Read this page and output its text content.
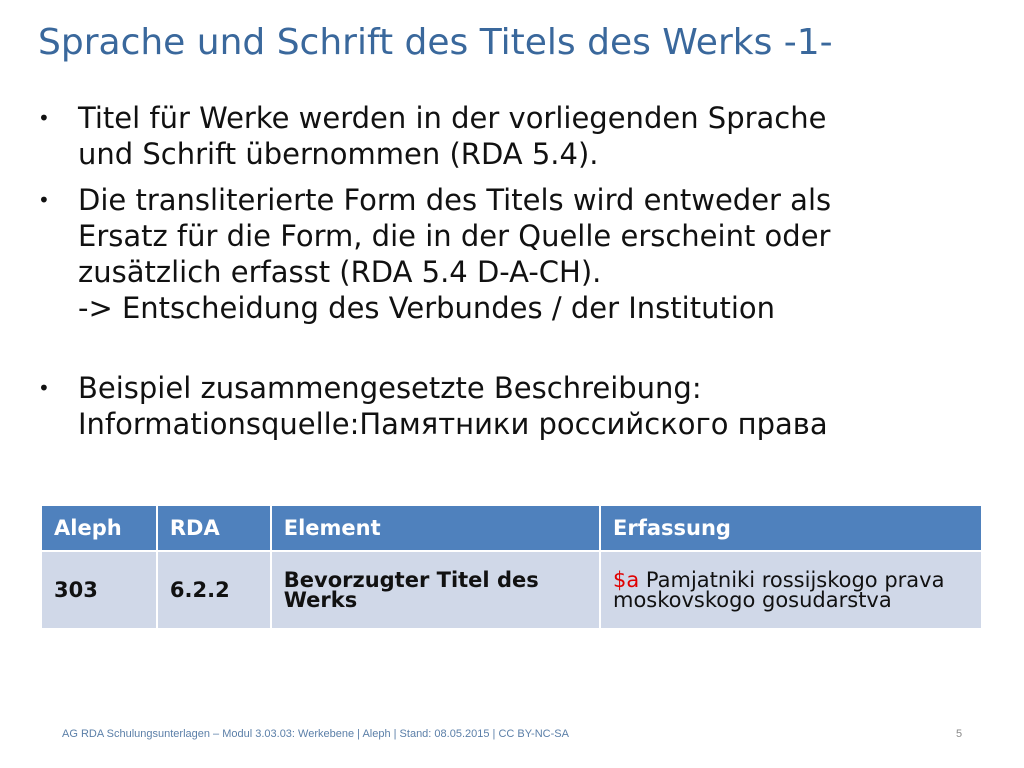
Sprache und Schrift des Titels des Werks -1-
• Titel für Werke werden in der vorliegenden Sprache
und Schrift übernommen (RDA 5.4).
• Die transliterierte Form des Titels wird entweder als
Ersatz für die Form, die in der Quelle erscheint oder
zusätzlich erfasst (RDA 5.4 D-A-CH).
-> Entscheidung des Verbundes / der Institution
• Beispiel zusammengesetzte Beschreibung:
Informationsquelle:Памятники российского права
Aleph	RDA	Element	Erfassung
303	6.2.2	Bevorzugter Titel des Werks	$a Pamjatniki rossijskogo prava moskovskogo gosudarstva
AG RDA Schulungsunterlagen – Modul 3.03.03: Werkebene | Aleph | Stand: 08.05.2015 | CC BY-NC-SA	5
